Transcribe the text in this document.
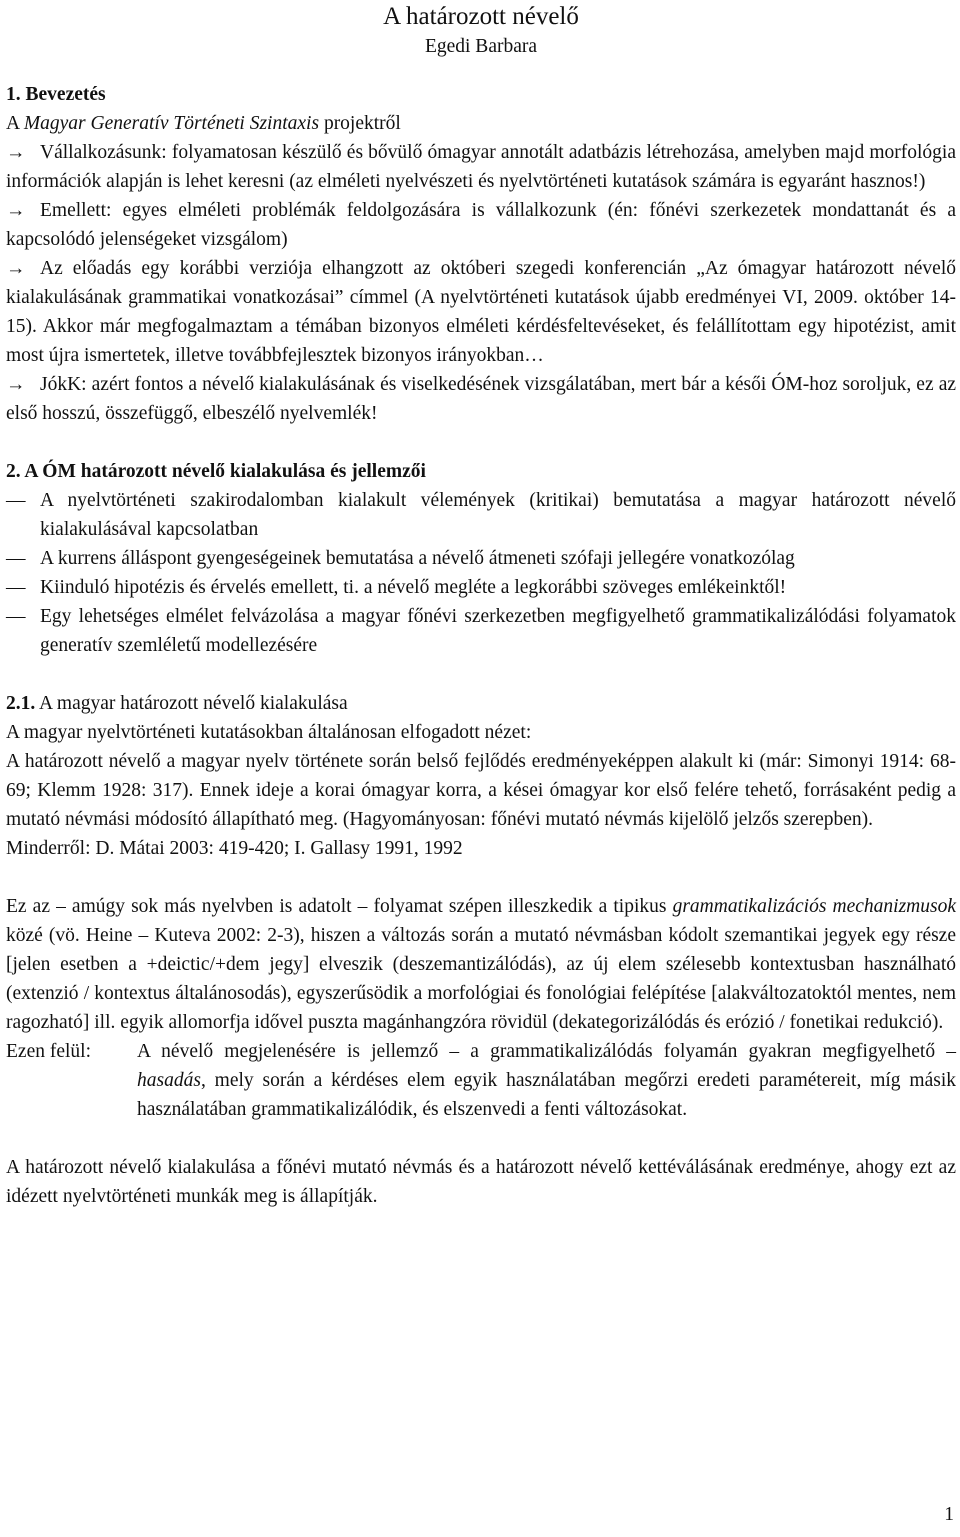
A határozott névelő
Egedi Barbara

1. Bevezetés

A Magyar Generatív Történeti Szintaxis projektről

→ Vállalkozásunk: folyamatosan készülő és bővülő ómagyar annotált adatbázis létrehozása, amelyben majd morfológia információk alapján is lehet keresni (az elméleti nyelvészeti és nyelvtörténeti kutatások számára is egyaránt hasznos!)

→ Emellett: egyes elméleti problémák feldolgozására is vállalkozunk (én: főnévi szerkezetek mondattanát és a kapcsolódó jelenségeket vizsgálom)

→ Az előadás egy korábbi verziója elhangzott az októberi szegedi konferencián „Az ómagyar határozott névelő kialakulásának grammatikai vonatkozásai” címmel (A nyelvtörténeti kutatások újabb eredményei VI, 2009. október 14-15). Akkor már megfogalmaztam a témában bizonyos elméleti kérdésfeltevéseket, és felállítottam egy hipotézist, amit most újra ismertetek, illetve továbbfejlesztek bizonyos irányokban…

→ JókK: azért fontos a névelő kialakulásának és viselkedésének vizsgálatában, mert bár a késői ÓM-hoz soroljuk, ez az első hosszú, összefüggő, elbeszélő nyelvemlék!

2. A ÓM határozott névelő kialakulása és jellemzői

— A nyelvtörténeti szakirodalomban kialakult vélemények (kritikai) bemutatása a magyar határozott névelő kialakulásával kapcsolatban
— A kurrens álláspont gyengeségeinek bemutatása a névelő átmeneti szófaji jellegére vonatkozólag
— Kiinduló hipotézis és érvelés emellett, ti. a névelő megléte a legkorábbi szöveges emlékeinktől!
— Egy lehetséges elmélet felvázolása a magyar főnévi szerkezetben megfigyelhető grammatikalizálódási folyamatok generatív szemléletű modellezésére

2.1. A magyar határozott névelő kialakulása

A magyar nyelvtörténeti kutatásokban általánosan elfogadott nézet:

A határozott névelő a magyar nyelv története során belső fejlődés eredményeképpen alakult ki (már: Simonyi 1914: 68-69; Klemm 1928: 317). Ennek ideje a korai ómagyar korra, a kései ómagyar kor első felére tehető, forrásaként pedig a mutató névmási módosító állapítható meg. (Hagyományosan: főnévi mutató névmás kijelölő jelzős szerepben).

Minderről: D. Mátai 2003: 419-420; I. Gallasy 1991, 1992

Ez az – amúgy sok más nyelvben is adatolt – folyamat szépen illeszkedik a tipikus grammatikalizációs mechanizmusok közé (vö. Heine – Kuteva 2002: 2-3), hiszen a változás során a mutató névmásban kódolt szemantikai jegyek egy része [jelen esetben a +deictic/+dem jegy] elveszik (deszemantizálódás), az új elem szélesebb kontextusban használható (extenzió / kontextus általánosodás), egyszerűsödik a morfológiai és fonológiai felépítése [alakváltozatoktól mentes, nem ragozható] ill. egyik allomorfja idővel puszta magánhangzóra rövidül (dekategorizálódás és erózió / fonetikai redukció).

Ezen felül:	A névelő megjelenésére is jellemző – a grammatikalizálódás folyamán gyakran megfigyelhető – hasadás, mely során a kérdéses elem egyik használatában megőrzi eredeti paramétereit, míg másik használatában grammatikalizálódik, és elszenvedi a fenti változásokat.

A határozott névelő kialakulása a főnévi mutató névmás és a határozott névelő kettéválásának eredménye, ahogy ezt az idézett nyelvtörténeti munkák meg is állapítják.

1
